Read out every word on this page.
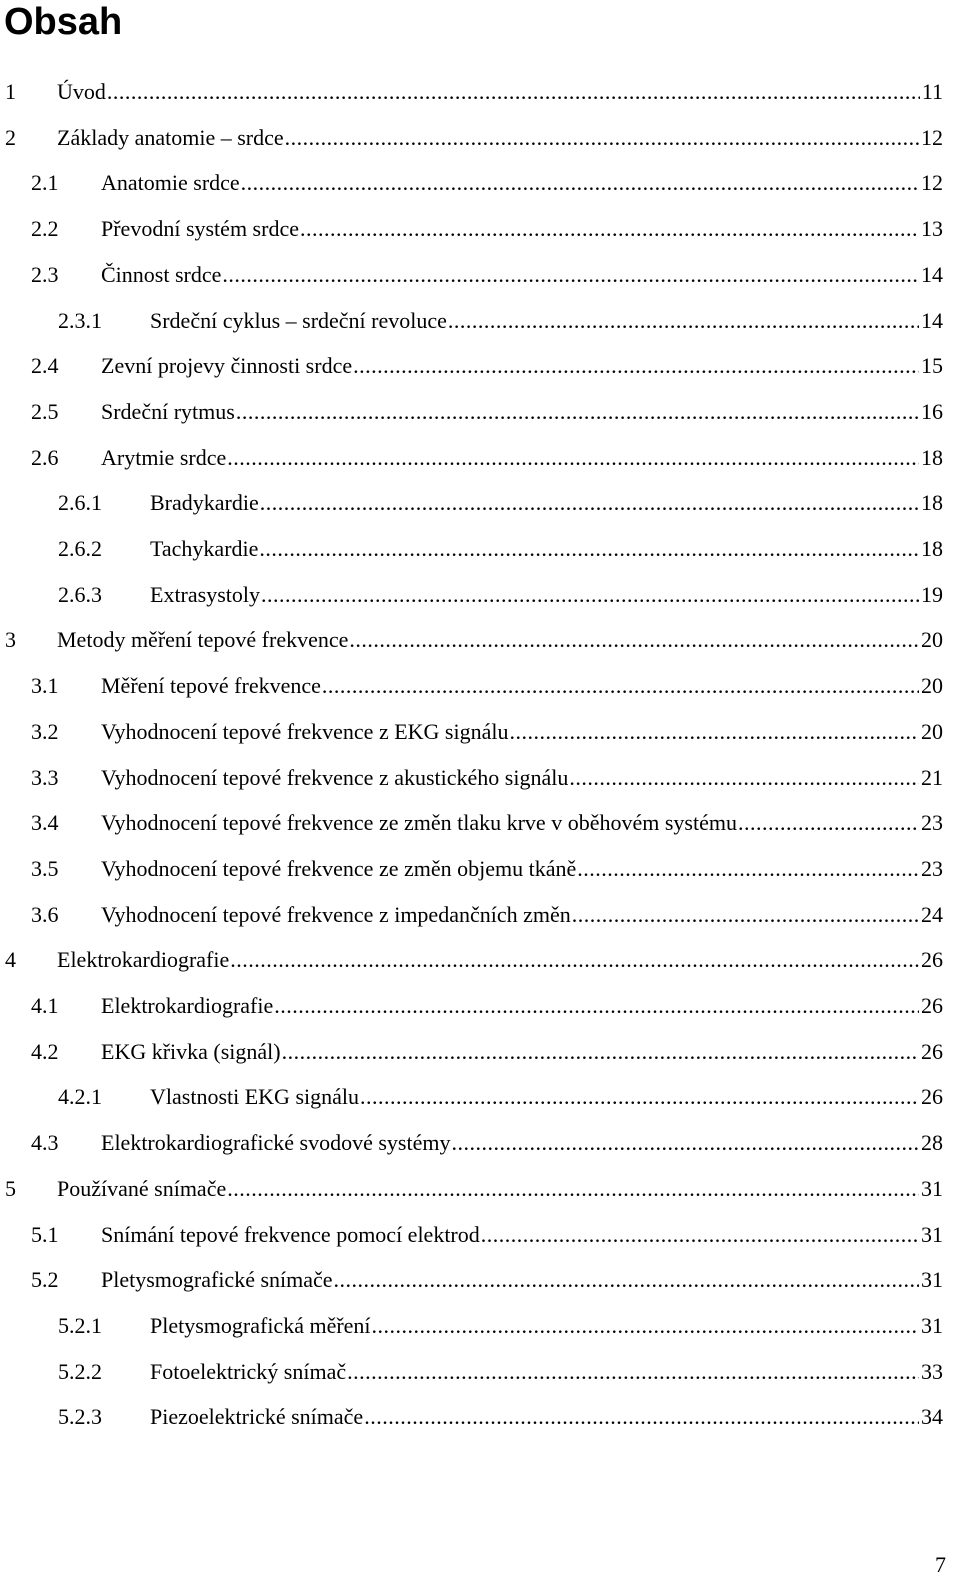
Obsah
1	Úvod .....	11
2	Základy anatomie – srdce .....	12
2.1	Anatomie srdce .....	12
2.2	Převodní systém srdce .....	13
2.3	Činnost srdce .....	14
2.3.1	Srdeční cyklus – srdeční revoluce .....	14
2.4	Zevní projevy činnosti srdce .....	15
2.5	Srdeční rytmus .....	16
2.6	Arytmie srdce .....	18
2.6.1	Bradykardie .....	18
2.6.2	Tachykardie .....	18
2.6.3	Extrasystoly .....	19
3	Metody měření tepové frekvence .....	20
3.1	Měření tepové frekvence .....	20
3.2	Vyhodnocení tepové frekvence z EKG signálu .....	20
3.3	Vyhodnocení tepové frekvence z akustického signálu .....	21
3.4	Vyhodnocení tepové frekvence ze změn tlaku krve v oběhovém systému .....	23
3.5	Vyhodnocení tepové frekvence ze změn objemu tkáně .....	23
3.6	Vyhodnocení tepové frekvence z impedančních změn .....	24
4	Elektrokardiografie .....	26
4.1	Elektrokardiografie .....	26
4.2	EKG křivka (signál) .....	26
4.2.1	Vlastnosti EKG signálu .....	26
4.3	Elektrokardiografické svodové systémy .....	28
5	Používané snímače .....	31
5.1	Snímání tepové frekvence pomocí elektrod .....	31
5.2	Pletysmografické snímače .....	31
5.2.1	Pletysmografická měření .....	31
5.2.2	Fotoelektrický snímač .....	33
5.2.3	Piezoelektrické snímače .....	34
7
